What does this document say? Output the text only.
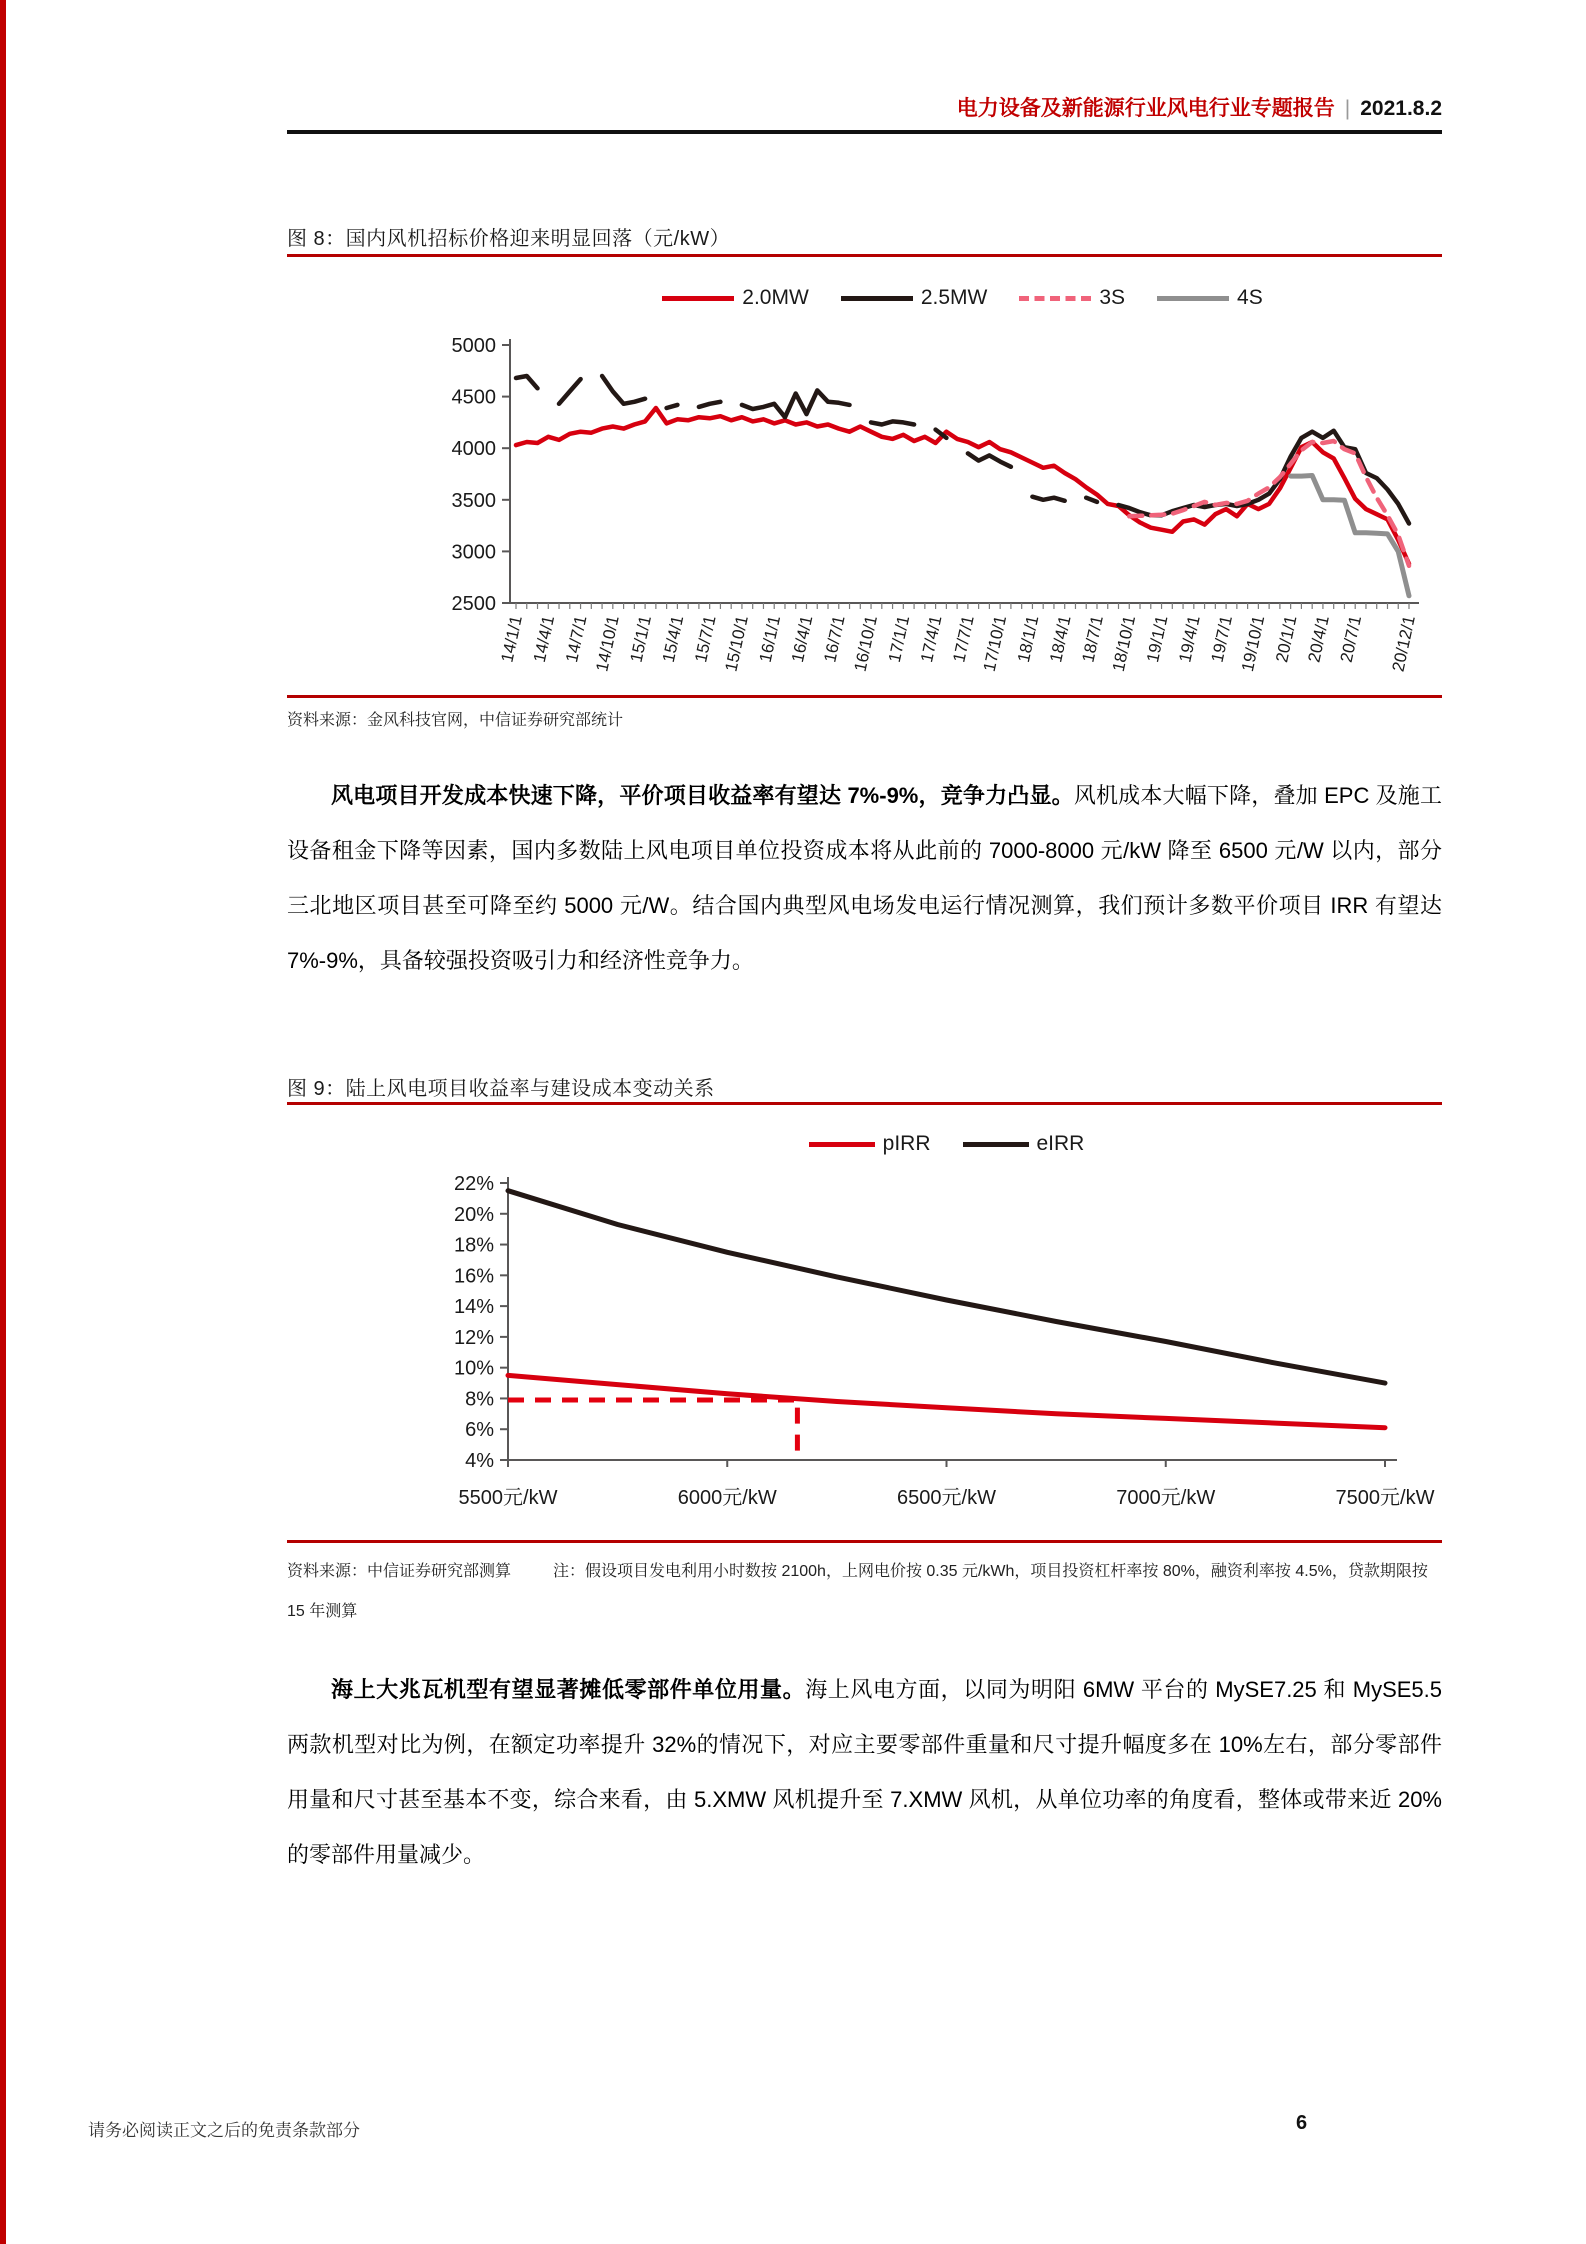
电力设备及新能源行业风电行业专题报告 | 2021.8.2
图 8：国内风机招标价格迎来明显回落（元/kW）
2.0MW	2.5MW	3S	4S
5000
4500
4000
3500
3000
2500
14/1/1 14/4/1 14/7/1 14/10/1 15/1/1 15/4/1 15/7/1 15/10/1 16/1/1 16/4/1 16/7/1 16/10/1 17/1/1 17/4/1 17/7/1 17/10/1 18/1/1 18/4/1 18/7/1 18/10/1 19/1/1 19/4/1 19/7/1 19/10/1 20/1/1 20/4/1 20/7/1 20/12/1
资料来源：金风科技官网，中信证券研究部统计

风电项目开发成本快速下降，平价项目收益率有望达 7%-9%，竞争力凸显。风机成本大幅下降，叠加 EPC 及施工设备租金下降等因素，国内多数陆上风电项目单位投资成本将从此前的 7000-8000 元/kW 降至 6500 元/W 以内，部分三北地区项目甚至可降至约 5000 元/W。结合国内典型风电场发电运行情况测算，我们预计多数平价项目 IRR 有望达 7%-9%，具备较强投资吸引力和经济性竞争力。

图 9：陆上风电项目收益率与建设成本变动关系
pIRR	eIRR
22%
20%
18%
16%
14%
12%
10%
8%
6%
4%
5500元/kW	6000元/kW	6500元/kW	7000元/kW	7500元/kW
资料来源：中信证券研究部测算	注：假设项目发电利用小时数按 2100h，上网电价按 0.35 元/kWh，项目投资杠杆率按 80%，融资利率按 4.5%，贷款期限按 15 年测算

海上大兆瓦机型有望显著摊低零部件单位用量。海上风电方面，以同为明阳 6MW 平台的 MySE7.25 和 MySE5.5 两款机型对比为例，在额定功率提升 32%的情况下，对应主要零部件重量和尺寸提升幅度多在 10%左右，部分零部件用量和尺寸甚至基本不变，综合来看，由 5.XMW 风机提升至 7.XMW 风机，从单位功率的角度看，整体或带来近 20%的零部件用量减少。

请务必阅读正文之后的免责条款部分	6
